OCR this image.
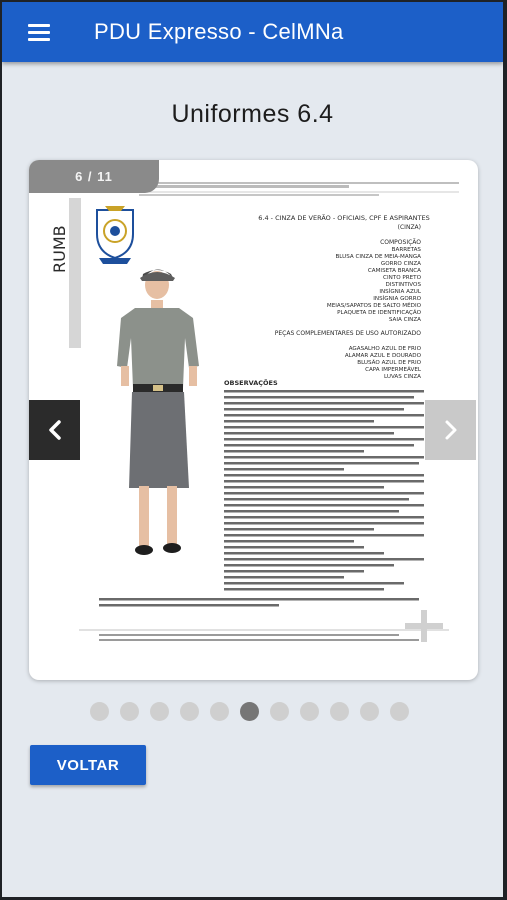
PDU Expresso - CelMNa
Uniformes 6.4
6 / 11
RUMB
6.4 - CINZA DE VERÃO - OFICIAIS, CPF E ASPIRANTES
(CINZA)
COMPOSIÇÃO
BARRETAS
BLUSA CINZA DE MEIA-MANGA
GORRO CINZA
CAMISETA BRANCA
CINTO PRETO
DISTINTIVOS
INSÍGNIA AZUL
INSÍGNIA GORRO
MEIAS/SAPATOS DE SALTO MÉDIO
PLAQUETA DE IDENTIFICAÇÃO
SAIA CINZA
PEÇAS COMPLEMENTARES DE USO AUTORIZADO
AGASALHO AZUL DE FRIO
ALAMAR AZUL E DOURADO
BLUSÃO AZUL DE FRIO
CAPA IMPERMEÁVEL
LUVAS CINZA
OBSERVAÇÕES
VOLTAR
